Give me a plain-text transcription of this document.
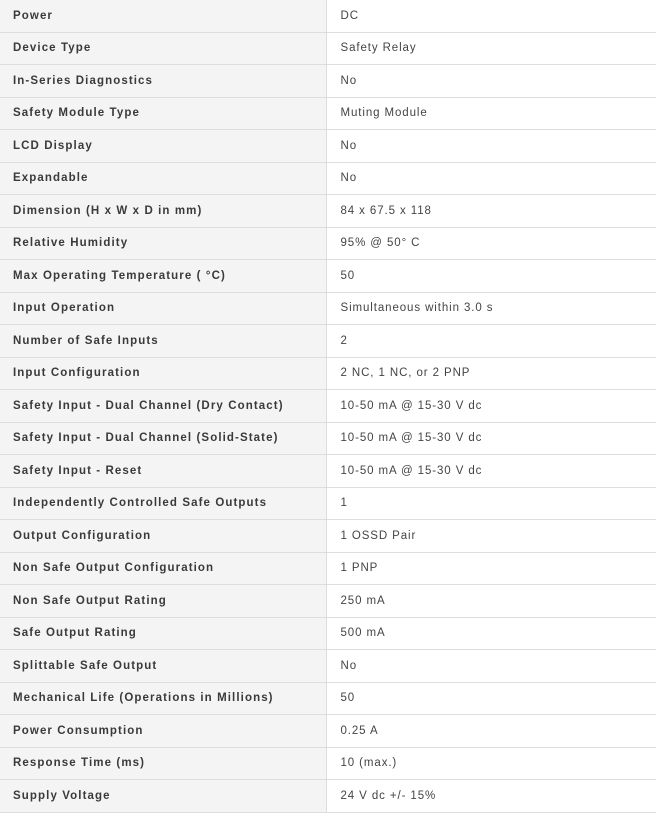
Power	DC
Device Type	Safety Relay
In-Series Diagnostics	No
Safety Module Type	Muting Module
LCD Display	No
Expandable	No
Dimension (H x W x D in mm)	84 x 67.5 x 118
Relative Humidity	95% @ 50° C
Max Operating Temperature ( °C)	50
Input Operation	Simultaneous within 3.0 s
Number of Safe Inputs	2
Input Configuration	2 NC, 1 NC, or 2 PNP
Safety Input - Dual Channel (Dry Contact)	10-50 mA @ 15-30 V dc
Safety Input - Dual Channel (Solid-State)	10-50 mA @ 15-30 V dc
Safety Input - Reset	10-50 mA @ 15-30 V dc
Independently Controlled Safe Outputs	1
Output Configuration	1 OSSD Pair
Non Safe Output Configuration	1 PNP
Non Safe Output Rating	250 mA
Safe Output Rating	500 mA
Splittable Safe Output	No
Mechanical Life (Operations in Millions)	50
Power Consumption	0.25 A
Response Time (ms)	10 (max.)
Supply Voltage	24 V dc +/- 15%
